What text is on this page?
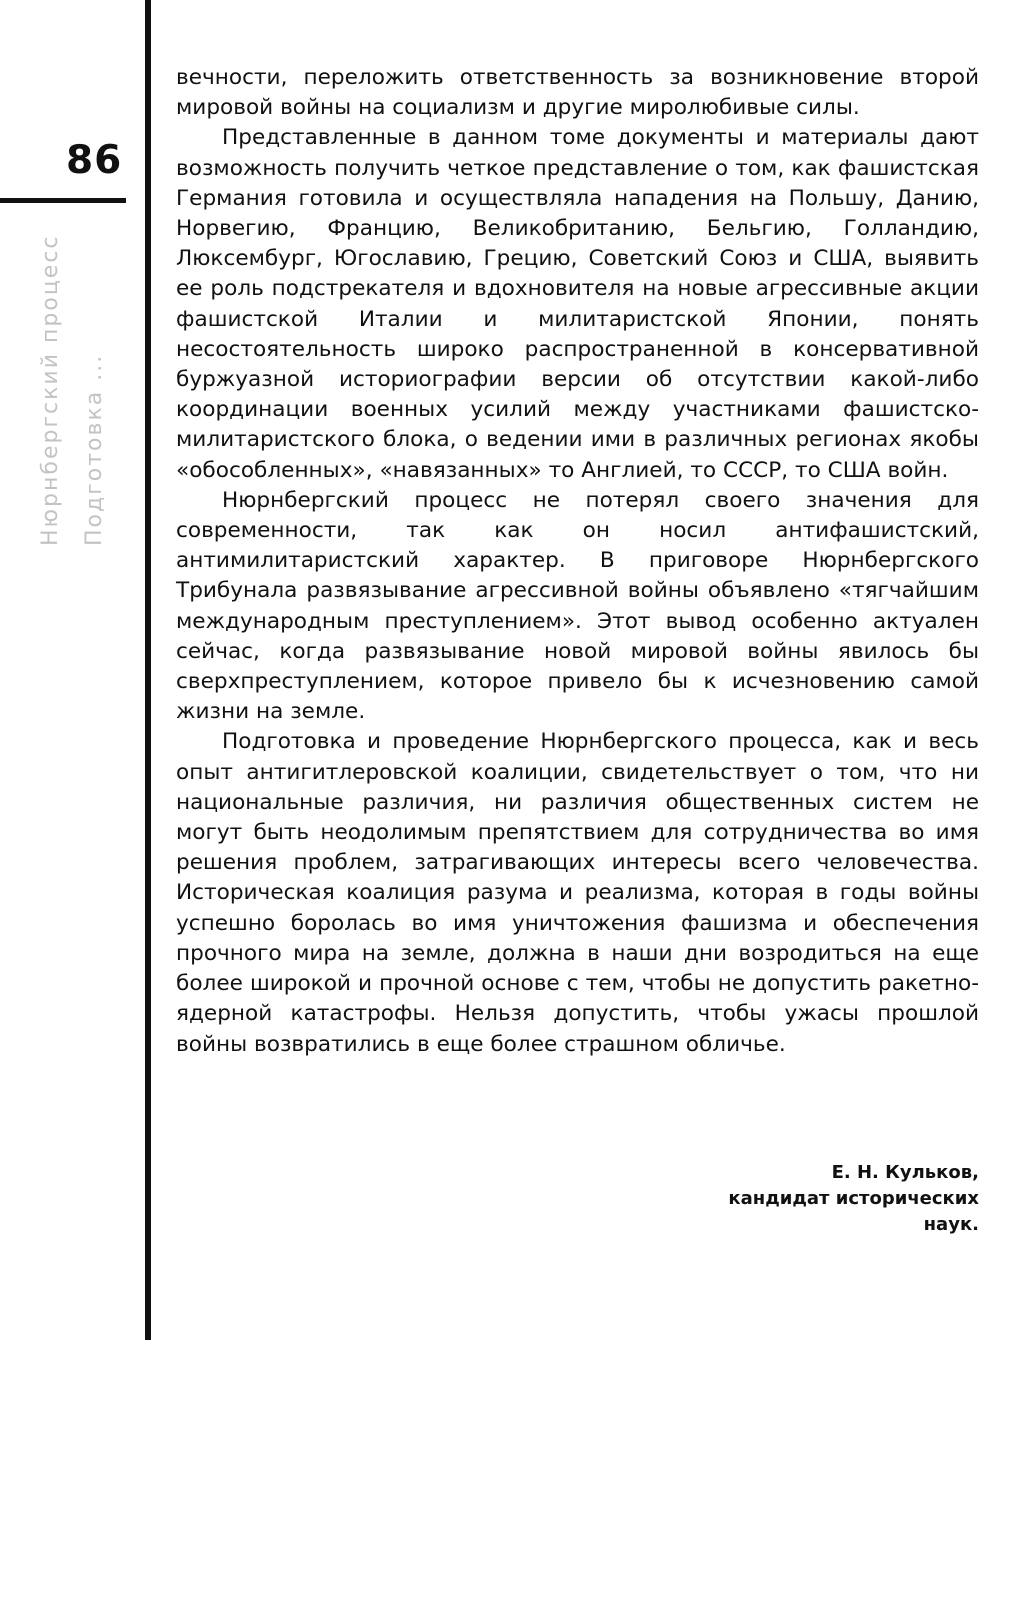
86
Нюрнбергский процесс Подготовка ...

вечности, переложить ответственность за возникновение второй мировой войны на социализм и другие миролюбивые силы.

Представленные в данном томе документы и материалы дают возможность получить четкое представление о том, как фашистская Германия готовила и осуществляла нападения на Польшу, Данию, Норвегию, Францию, Великобританию, Бельгию, Голландию, Люксембург, Югославию, Грецию, Советский Союз и США, выявить ее роль подстрекателя и вдохновителя на новые агрессивные акции фашистской Италии и милитаристской Японии, понять несостоятельность широко распространенной в консервативной буржуазной историографии версии об отсутствии какой-либо координации военных усилий между участниками фашистско-милитаристского блока, о ведении ими в различных регионах якобы «обособленных», «навязанных» то Англией, то СССР, то США войн.

Нюрнбергский процесс не потерял своего значения для современности, так как он носил антифашистский, антимилитаристский характер. В приговоре Нюрнбергского Трибунала развязывание агрессивной войны объявлено «тягчайшим международным преступлением». Этот вывод особенно актуален сейчас, когда развязывание новой мировой войны явилось бы сверхпреступлением, которое привело бы к исчезновению самой жизни на земле.

Подготовка и проведение Нюрнбергского процесса, как и весь опыт антигитлеровской коалиции, свидетельствует о том, что ни национальные различия, ни различия общественных систем не могут быть неодолимым препятствием для сотрудничества во имя решения проблем, затрагивающих интересы всего человечества. Историческая коалиция разума и реализма, которая в годы войны успешно боролась во имя уничтожения фашизма и обеспечения прочного мира на земле, должна в наши дни возродиться на еще более широкой и прочной основе с тем, чтобы не допустить ракетно-ядерной катастрофы. Нельзя допустить, чтобы ужасы прошлой войны возвратились в еще более страшном обличье.

Е. Н. Кульков,
кандидат исторических
наук.
